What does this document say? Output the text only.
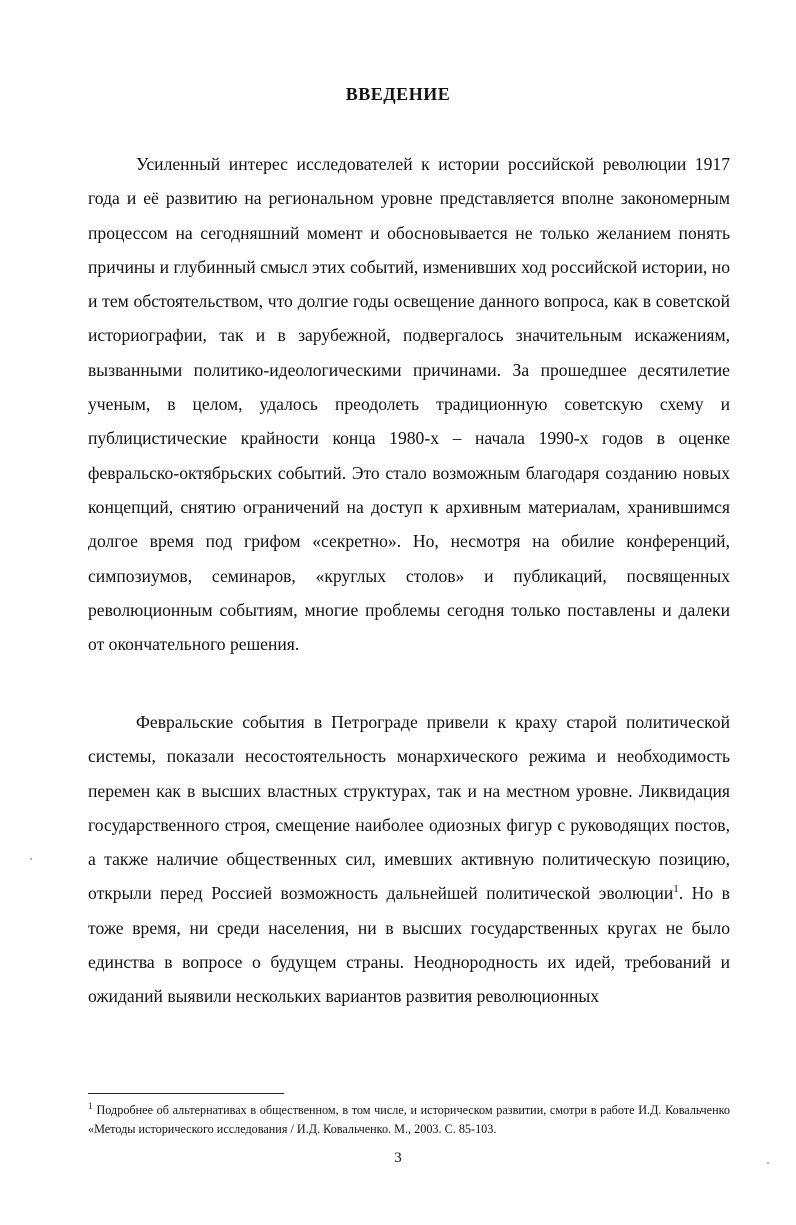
ВВЕДЕНИЕ

Усиленный интерес исследователей к истории российской революции 1917 года и её развитию на региональном уровне представляется вполне закономерным процессом на сегодняшний момент и обосновывается не только желанием понять причины и глубинный смысл этих событий, изменивших ход российской истории, но и тем обстоятельством, что долгие годы освещение данного вопроса, как в советской историографии, так и в зарубежной, подвергалось значительным искажениям, вызванными политико-идеологическими причинами. За прошедшее десятилетие ученым, в целом, удалось преодолеть традиционную советскую схему и публицистические крайности конца 1980-х – начала 1990-х годов в оценке февральско-октябрьских событий. Это стало возможным благодаря созданию новых концепций, снятию ограничений на доступ к архивным материалам, хранившимся долгое время под грифом «секретно». Но, несмотря на обилие конференций, симпозиумов, семинаров, «круглых столов» и публикаций, посвященных революционным событиям, многие проблемы сегодня только поставлены и далеки от окончательного решения.

Февральские события в Петрограде привели к краху старой политической системы, показали несостоятельность монархического режима и необходимость перемен как в высших властных структурах, так и на местном уровне. Ликвидация государственного строя, смещение наиболее одиозных фигур с руководящих постов, а также наличие общественных сил, имевших активную политическую позицию, открыли перед Россией возможность дальнейшей политической эволюции$^1$. Но в тоже время, ни среди населения, ни в высших государственных кругах не было единства в вопросе о будущем страны. Неоднородность их идей, требований и ожиданий выявили нескольких вариантов развития революционных

$^1$ Подробнее об альтернативах в общественном, в том числе, и историческом развитии, смотри в работе И.Д. Ковальченко «Методы исторического исследования / И.Д. Ковальченко. М., 2003. С. 85-103.

3
